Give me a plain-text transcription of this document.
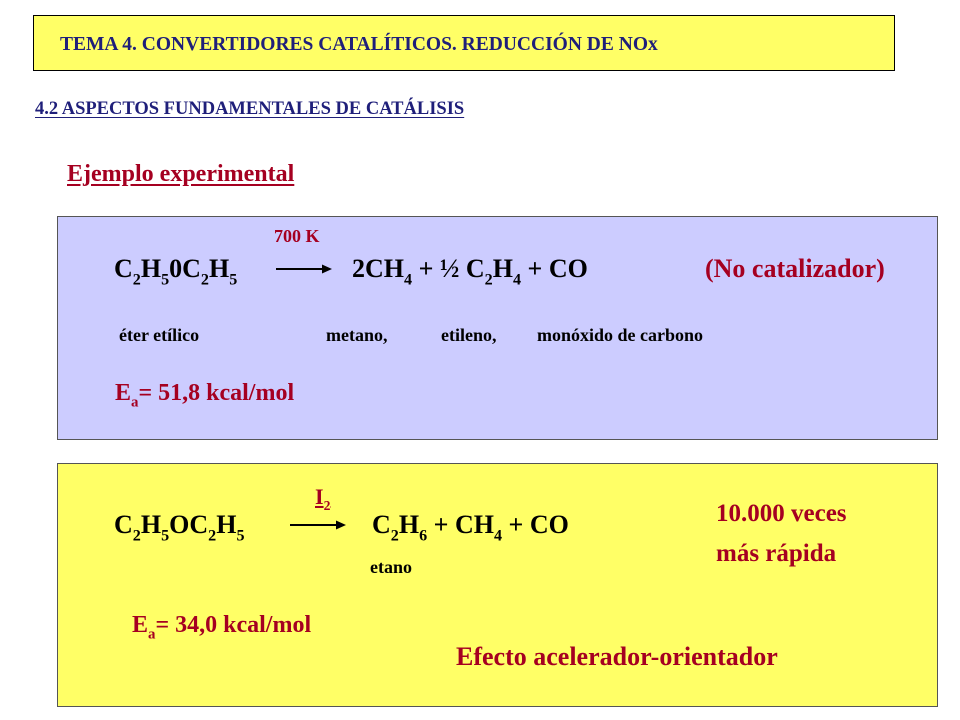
TEMA 4. CONVERTIDORES CATALÍTICOS. REDUCCIÓN DE NOx
4.2 ASPECTOS FUNDAMENTALES DE CATÁLISIS
Ejemplo experimental
700 K
$C_2H_50C_2H_5 \to 2CH_4$ + ½ $C_2H_4$ + CO	(No catalizador)
éter etílico	metano,	etileno, monóxido de carbono
$E_a= 51,8$ kcal/mol
$I_2$
$C_2H_5OC_2H_5$	$C_2H_6 + CH_4$ + CO
etano
10.000 veces
más rápida
$E_a= 34,0$ kcal/mol
Efecto acelerador-orientador
